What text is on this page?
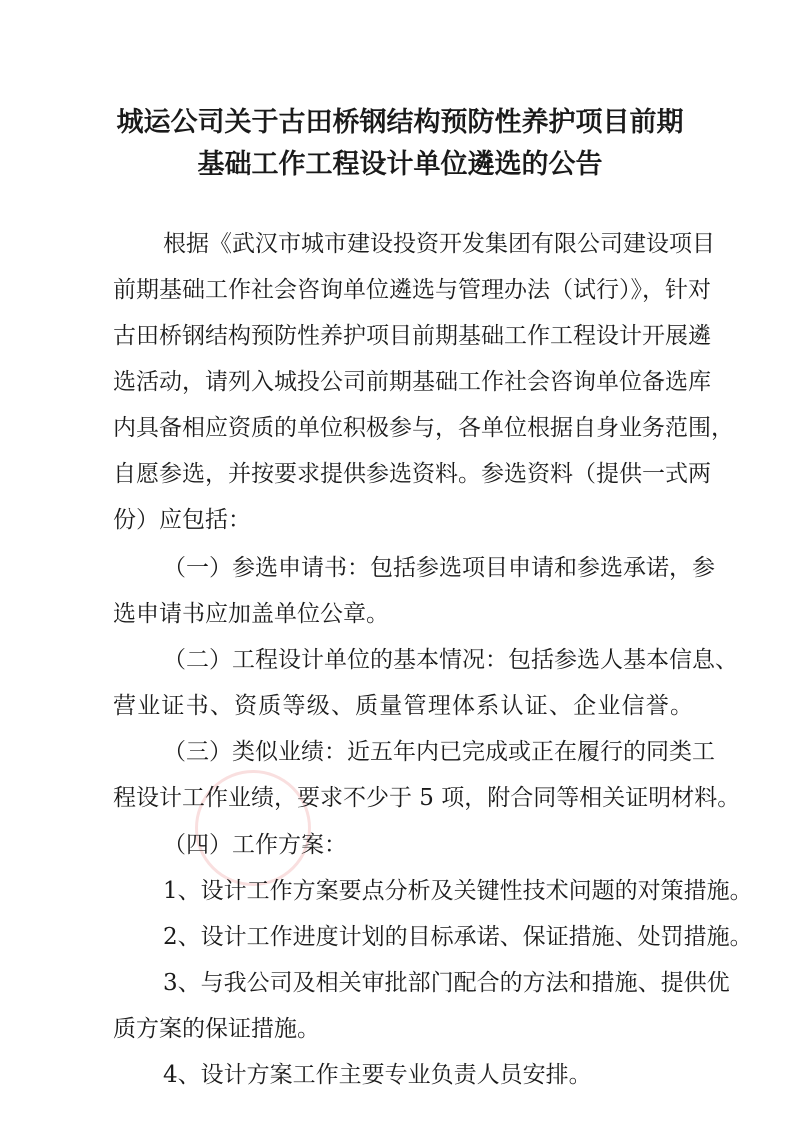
城运公司关于古田桥钢结构预防性养护项目前期
基础工作工程设计单位遴选的公告
根据《武汉市城市建设投资开发集团有限公司建设项目
前期基础工作社会咨询单位遴选与管理办法（试行）》，针对
古田桥钢结构预防性养护项目前期基础工作工程设计开展遴
选活动，请列入城投公司前期基础工作社会咨询单位备选库
内具备相应资质的单位积极参与，各单位根据自身业务范围，
自愿参选，并按要求提供参选资料。参选资料（提供一式两
份）应包括：
（一）参选申请书：包括参选项目申请和参选承诺，参
选申请书应加盖单位公章。
（二）工程设计单位的基本情况：包括参选人基本信息、
营业证书、资质等级、质量管理体系认证、企业信誉。
（三）类似业绩：近五年内已完成或正在履行的同类工
程设计工作业绩，要求不少于 5 项，附合同等相关证明材料。
（四）工作方案：
1、设计工作方案要点分析及关键性技术问题的对策措施。
2、设计工作进度计划的目标承诺、保证措施、处罚措施。
3、与我公司及相关审批部门配合的方法和措施、提供优
质方案的保证措施。
4、设计方案工作主要专业负责人员安排。
